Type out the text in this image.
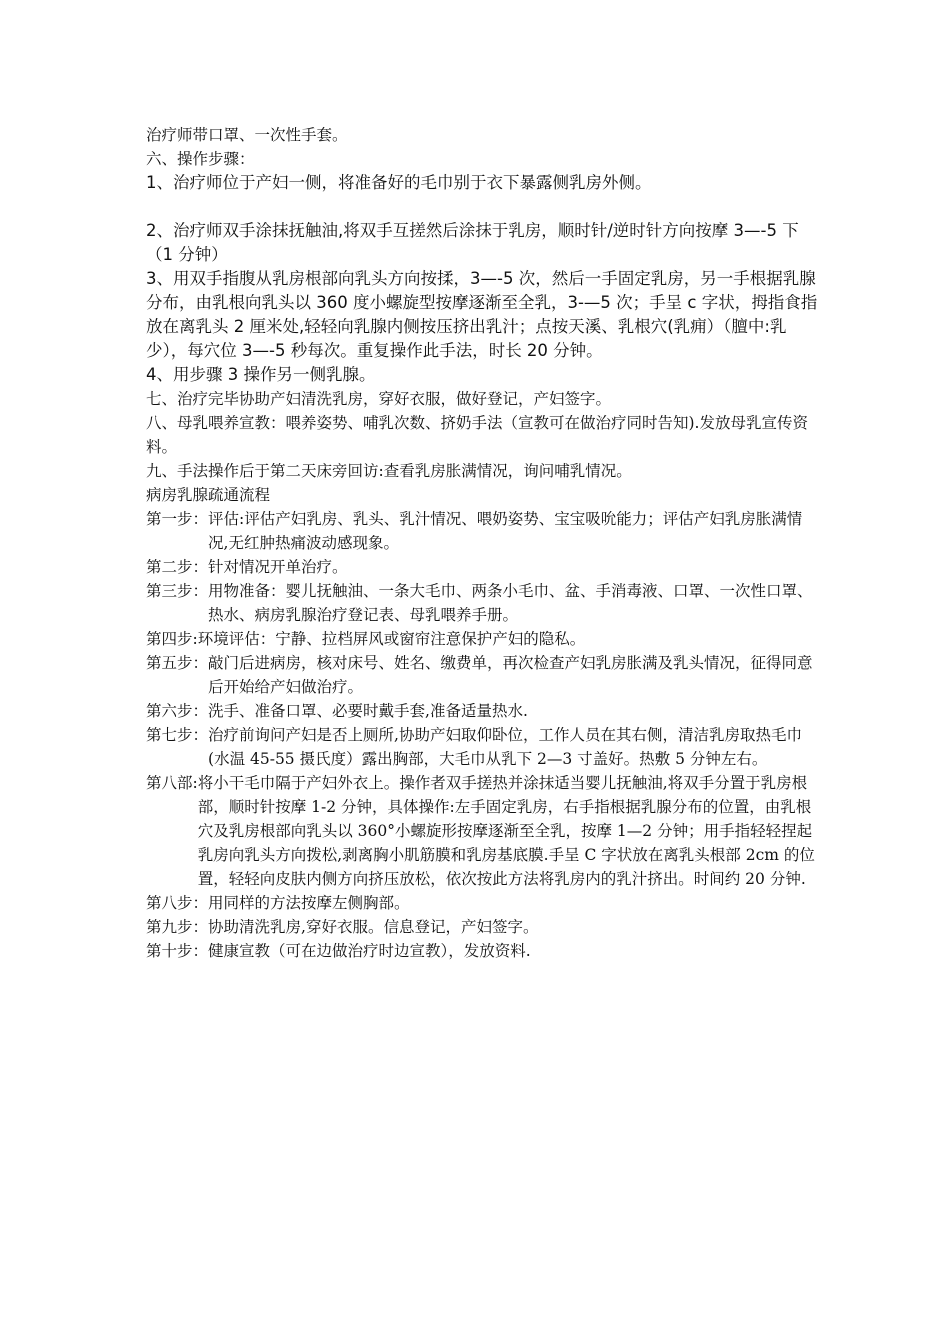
治疗师带口罩、一次性手套。

六、操作步骤：

1、治疗师位于产妇一侧，将准备好的毛巾别于衣下暴露侧乳房外侧。

2、治疗师双手涂抹抚触油,将双手互搓然后涂抹于乳房，顺时针/逆时针方向按摩 3—-5 下（1 分钟）

3、用双手指腹从乳房根部向乳头方向按揉，3—-5 次，然后一手固定乳房，另一手根据乳腺分布，由乳根向乳头以 360 度小螺旋型按摩逐渐至全乳，3-—5 次；手呈 c 字状，拇指食指放在离乳头 2 厘米处,轻轻向乳腺内侧按压挤出乳汁；点按天溪、乳根穴(乳痈）（膻中:乳少），每穴位 3—-5 秒每次。重复操作此手法，时长 20 分钟。

4、用步骤 3 操作另一侧乳腺。

七、治疗完毕协助产妇清洗乳房，穿好衣服，做好登记，产妇签字。

八、母乳喂养宣教：喂养姿势、哺乳次数、挤奶手法（宣教可在做治疗同时告知).发放母乳宣传资料。

九、手法操作后于第二天床旁回访:查看乳房胀满情况，询问哺乳情况。

病房乳腺疏通流程

第一步： 评估:评估产妇乳房、乳头、乳汁情况、喂奶姿势、宝宝吸吮能力；评估产妇乳房胀满情况,无红肿热痛波动感现象。
第二步： 针对情况开单治疗。
第三步： 用物准备：婴儿抚触油、一条大毛巾、两条小毛巾、盆、手消毒液、口罩、一次性口罩、热水、病房乳腺治疗登记表、母乳喂养手册。
第四步: 环境评估：宁静、拉档屏风或窗帘注意保护产妇的隐私。
第五步： 敲门后进病房，核对床号、姓名、缴费单，再次检查产妇乳房胀满及乳头情况，征得同意后开始给产妇做治疗。
第六步： 洗手、准备口罩、必要时戴手套,准备适量热水.
第七步： 治疗前询问产妇是否上厕所,协助产妇取仰卧位，工作人员在其右侧，清洁乳房取热毛巾(水温 45-55 摄氏度）露出胸部，大毛巾从乳下 2—3 寸盖好。热敷 5 分钟左右。
第八部: 将小干毛巾隔于产妇外衣上。操作者双手搓热并涂抹适当婴儿抚触油,将双手分置于乳房根部，顺时针按摩 1-2 分钟，具体操作:左手固定乳房，右手指根据乳腺分布的位置，由乳根穴及乳房根部向乳头以 360°小螺旋形按摩逐渐至全乳，按摩 1—2 分钟；用手指轻轻捏起乳房向乳头方向拨松,剥离胸小肌筋膜和乳房基底膜.手呈 C 字状放在离乳头根部 2cm 的位置，轻轻向皮肤内侧方向挤压放松，依次按此方法将乳房内的乳汁挤出。时间约 20 分钟.
第八步： 用同样的方法按摩左侧胸部。
第九步： 协助清洗乳房,穿好衣服。信息登记，产妇签字。
第十步： 健康宣教（可在边做治疗时边宣教），发放资料.
